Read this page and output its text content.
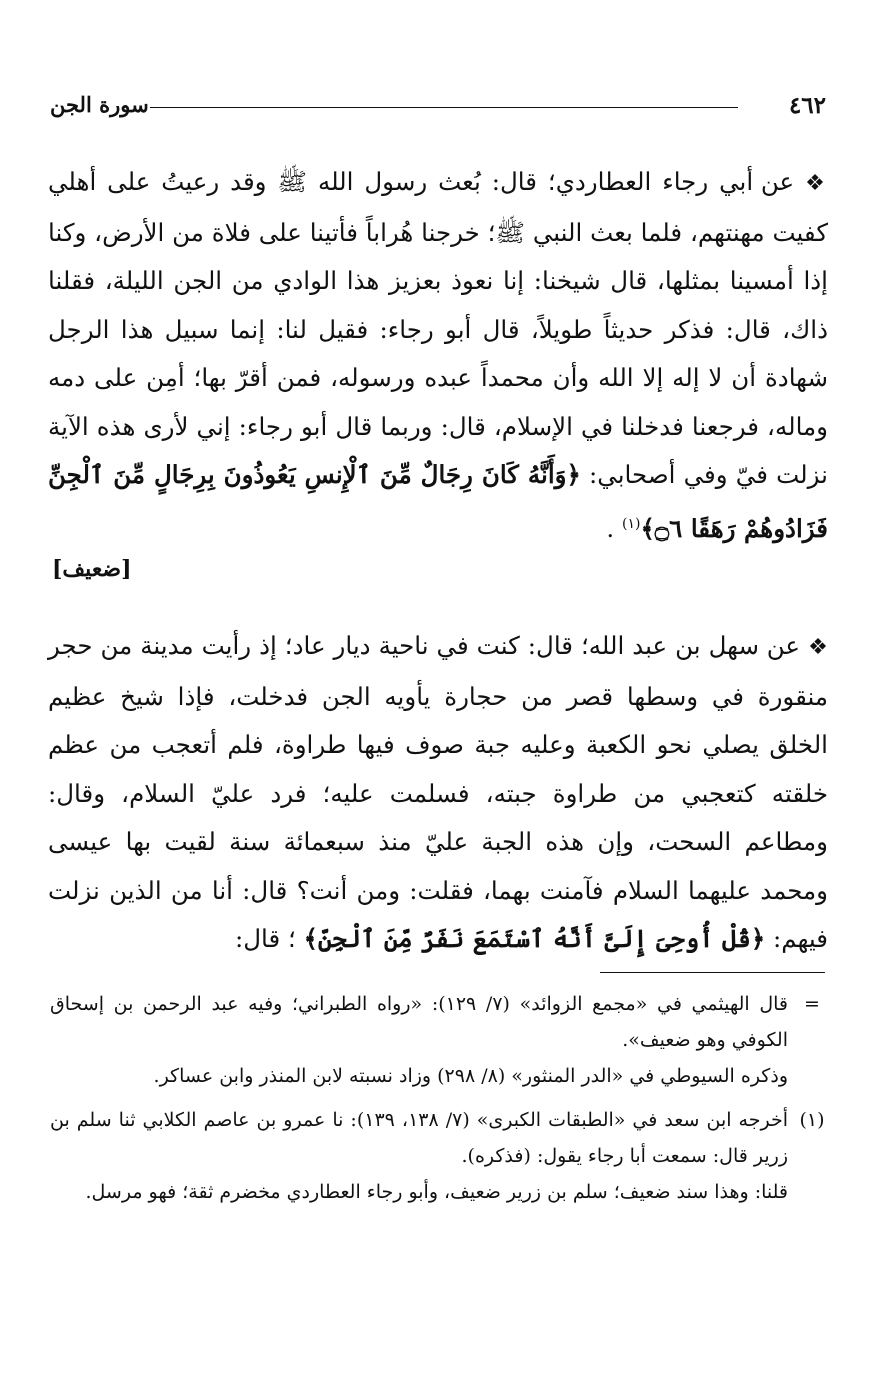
٤٦٢
سورة الجن
❖ عن أبي رجاء العطاردي؛ قال: بُعث رسول الله ﷺ وقد رعيتُ على أهلي كفيت مهنتهم، فلما بعث النبي ﷺ؛ خرجنا هُراباً فأتينا على فلاة من الأرض، وكنا إذا أمسينا بمثلها، قال شيخنا: إنا نعوذ بعزيز هذا الوادي من الجن الليلة، فقلنا ذاك، قال: فذكر حديثاً طويلاً، قال أبو رجاء: فقيل لنا: إنما سبيل هذا الرجل شهادة أن لا إله إلا الله وأن محمداً عبده ورسوله، فمن أقرّ بها؛ أمِن على دمه وماله، فرجعنا فدخلنا في الإسلام، قال: وربما قال أبو رجاء: إني لأرى هذه الآية نزلت فيّ وفي أصحابي: ﴿وَأَنَّهُ كَانَ رِجَالٌ مِّنَ ٱلْإِنسِ يَعُوذُونَ بِرِجَالٍ مِّنَ ٱلْجِنِّ فَزَادُوهُمْ رَهَقًا ۝٦﴾$^{(١)}$ .
[ضعيف]
❖ عن سهل بن عبد الله؛ قال: كنت في ناحية ديار عاد؛ إذ رأيت مدينة من حجر منقورة في وسطها قصر من حجارة يأويه الجن فدخلت، فإذا شيخ عظيم الخلق يصلي نحو الكعبة وعليه جبة صوف فيها طراوة، فلم أتعجب من عظم خلقته كتعجبي من طراوة جبته، فسلمت عليه؛ فرد عليّ السلام، وقال: ومطاعم السحت، وإن هذه الجبة عليّ منذ سبعمائة سنة لقيت بها عيسى ومحمد عليهما السلام فآمنت بهما، فقلت: ومن أنت؟ قال: أنا من الذين نزلت فيهم: ﴿قُلْ أُوحِىَ إِلَىَّ أَنَّهُ ٱسْتَمَعَ نَفَرٌ مِّنَ ٱلْجِنِّ﴾ ؛ قال:
=

قال الهيثمي في «مجمع الزوائد» (٧/ ١٢٩): «رواه الطبراني؛ وفيه عبد الرحمن بن إسحاق الكوفي وهو ضعيف».

وذكره السيوطي في «الدر المنثور» (٨/ ٢٩٨) وزاد نسبته لابن المنذر وابن عساكر.

(١)

أخرجه ابن سعد في «الطبقات الكبرى» (٧/ ١٣٨، ١٣٩): نا عمرو بن عاصم الكلابي ثنا سلم بن زرير قال: سمعت أبا رجاء يقول: (فذكره).

قلنا: وهذا سند ضعيف؛ سلم بن زرير ضعيف، وأبو رجاء العطاردي مخضرم ثقة؛ فهو مرسل.
